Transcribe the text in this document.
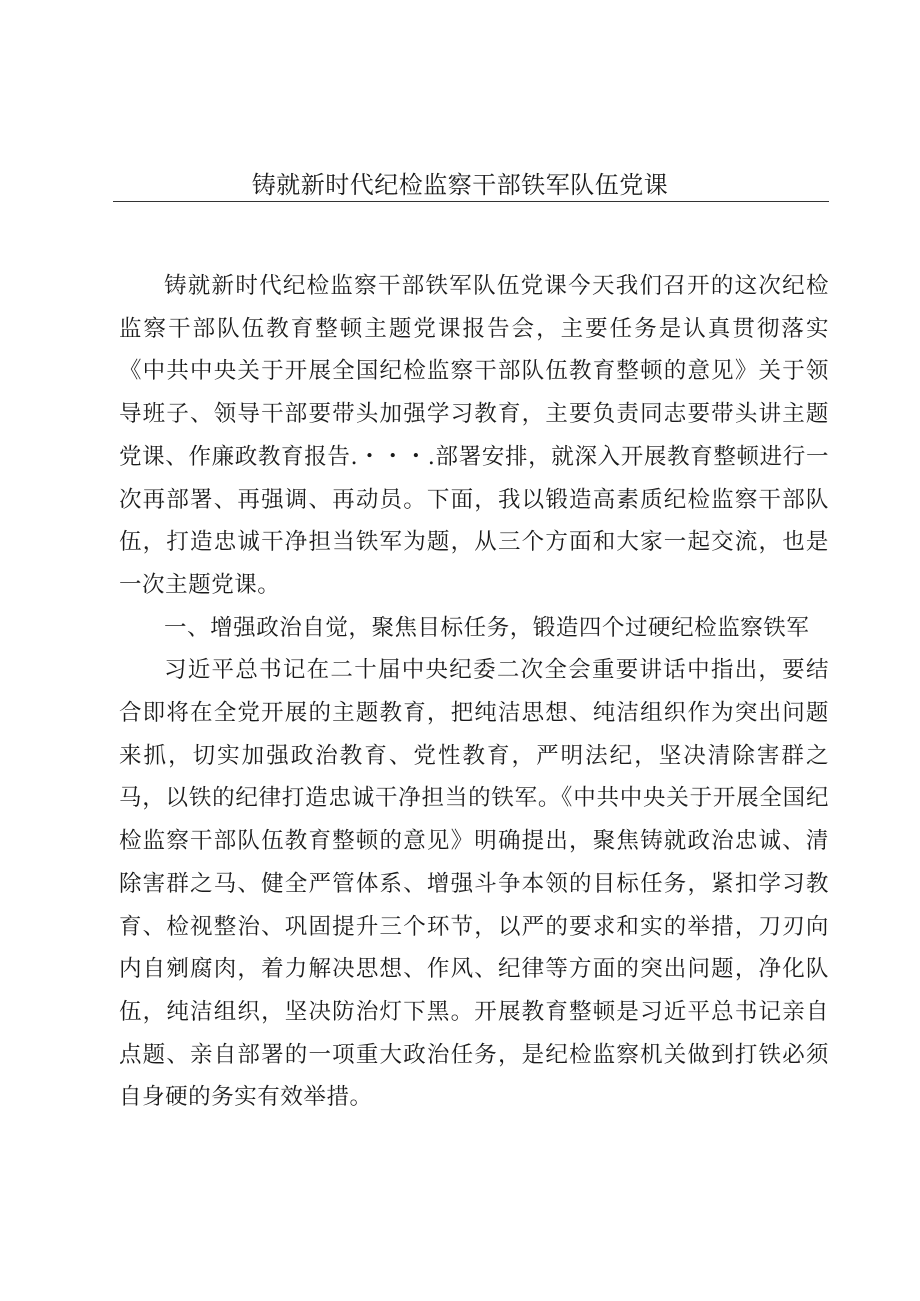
铸就新时代纪检监察干部铁军队伍党课

铸就新时代纪检监察干部铁军队伍党课今天我们召开的这次纪检监察干部队伍教育整顿主题党课报告会，主要任务是认真贯彻落实《中共中央关于开展全国纪检监察干部队伍教育整顿的意见》关于领导班子、领导干部要带头加强学习教育，主要负责同志要带头讲主题党课、作廉政教育报告.・・・.部署安排，就深入开展教育整顿进行一次再部署、再强调、再动员。下面，我以锻造高素质纪检监察干部队伍，打造忠诚干净担当铁军为题，从三个方面和大家一起交流，也是一次主题党课。

一、增强政治自觉，聚焦目标任务，锻造四个过硬纪检监察铁军

习近平总书记在二十届中央纪委二次全会重要讲话中指出，要结合即将在全党开展的主题教育，把纯洁思想、纯洁组织作为突出问题来抓，切实加强政治教育、党性教育，严明法纪，坚决清除害群之马，以铁的纪律打造忠诚干净担当的铁军。《中共中央关于开展全国纪检监察干部队伍教育整顿的意见》明确提出，聚焦铸就政治忠诚、清除害群之马、健全严管体系、增强斗争本领的目标任务，紧扣学习教育、检视整治、巩固提升三个环节，以严的要求和实的举措，刀刃向内自剜腐肉，着力解决思想、作风、纪律等方面的突出问题，净化队伍，纯洁组织，坚决防治灯下黑。开展教育整顿是习近平总书记亲自点题、亲自部署的一项重大政治任务，是纪检监察机关做到打铁必须自身硬的务实有效举措。
